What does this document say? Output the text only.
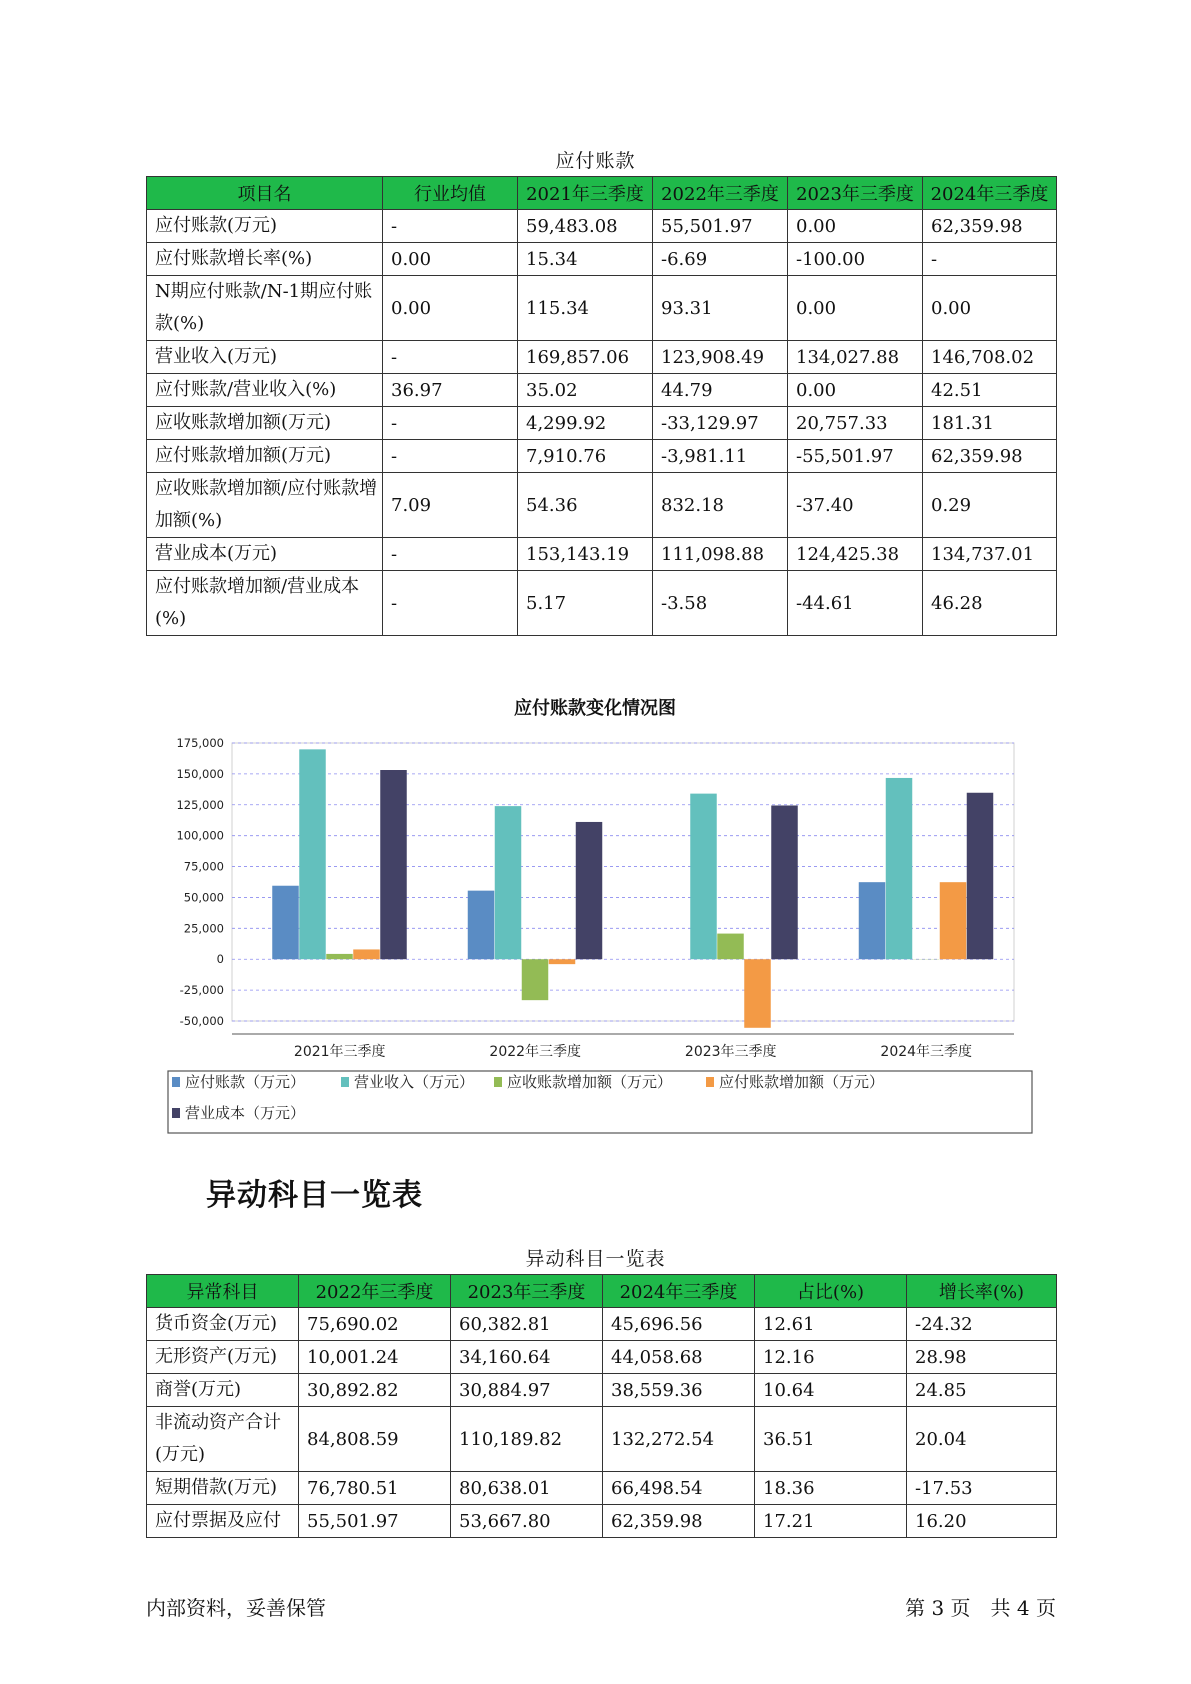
应付账款
项目名	行业均值	2021年三季度	2022年三季度	2023年三季度	2024年三季度
应付账款(万元)	-	59,483.08	55,501.97	0.00	62,359.98
应付账款增长率(%)	0.00	15.34	-6.69	-100.00	-
N期应付账款/N-1期应付账款(%)	0.00	115.34	93.31	0.00	0.00
营业收入(万元)	-	169,857.06	123,908.49	134,027.88	146,708.02
应付账款/营业收入(%)	36.97	35.02	44.79	0.00	42.51
应收账款增加额(万元)	-	4,299.92	-33,129.97	20,757.33	181.31
应付账款增加额(万元)	-	7,910.76	-3,981.11	-55,501.97	62,359.98
应收账款增加额/应付账款增加额(%)	7.09	54.36	832.18	-37.40	0.29
营业成本(万元)	-	153,143.19	111,098.88	124,425.38	134,737.01
应付账款增加额/营业成本(%)	-	5.17	-3.58	-44.61	46.28
应付账款变化情况图
175,000
150,000
125,000
100,000
75,000
50,000
25,000
0
-25,000
-50,000
2021年三季度	2022年三季度	2023年三季度	2024年三季度
应付账款（万元）	营业收入（万元） 应收账款增加额（万元）	应付账款增加额（万元）
营业成本（万元）
异动科目一览表
异动科目一览表
异常科目	2022年三季度	2023年三季度	2024年三季度	占比(%)	增长率(%)
货币资金(万元)	75,690.02	60,382.81	45,696.56	12.61	-24.32
无形资产(万元)	10,001.24	34,160.64	44,058.68	12.16	28.98
商誉(万元)	30,892.82	30,884.97	38,559.36	10.64	24.85
非流动资产合计(万元)	84,808.59	110,189.82	132,272.54	36.51	20.04
短期借款(万元)	76,780.51	80,638.01	66,498.54	18.36	-17.53
应付票据及应付	55,501.97	53,667.80	62,359.98	17.21	16.20
内部资料，妥善保管	第 3 页　共 4 页
